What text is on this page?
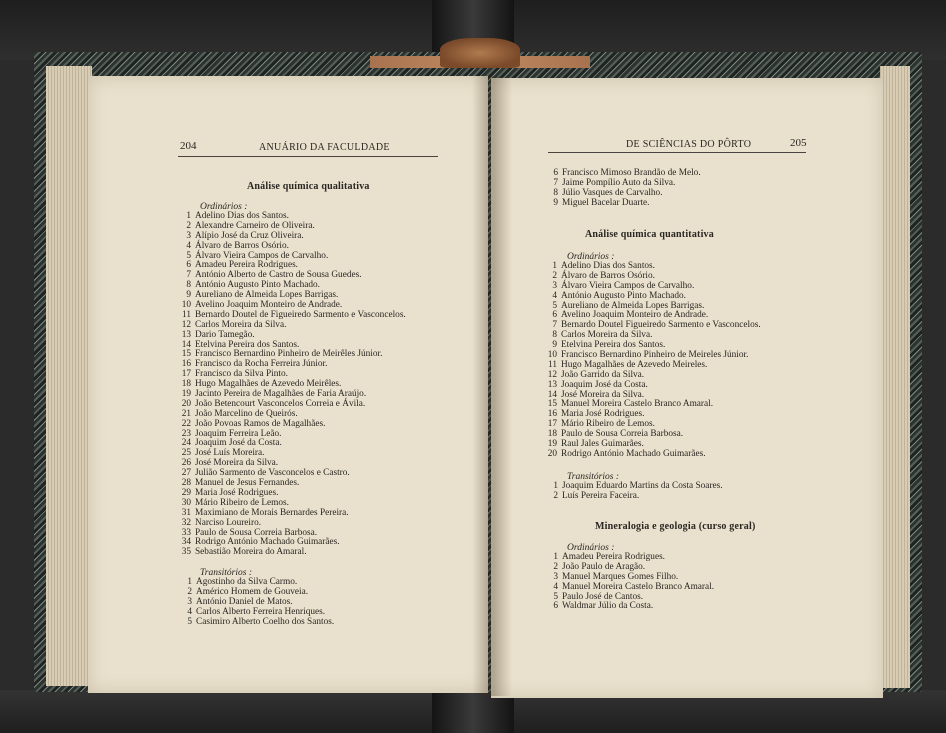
204	ANUÁRIO DA FACULDADE
Análise química qualitativa
Ordinários :
1 Adelino Dias dos Santos.
2 Alexandre Carneiro de Oliveira.
3 Alípio José da Cruz Oliveira.
4 Álvaro de Barros Osório.
5 Álvaro Vieira Campos de Carvalho.
6 Amadeu Pereira Rodrigues.
7 António Alberto de Castro de Sousa Guedes.
8 António Augusto Pinto Machado.
9 Aureliano de Almeida Lopes Barrigas.
10 Avelino Joaquim Monteiro de Andrade.
11 Bernardo Doutel de Figueiredo Sarmento e Vasconcelos.
12 Carlos Moreira da Silva.
13 Dario Tamegão.
14 Etelvina Pereira dos Santos.
15 Francisco Bernardino Pinheiro de Meirêles Júnior.
16 Francisco da Rocha Ferreira Júnior.
17 Francisco da Silva Pinto.
18 Hugo Magalhães de Azevedo Meirêles.
19 Jacinto Pereira de Magalhães de Faria Araújo.
20 João Betencourt Vasconcelos Correia e Ávila.
21 João Marcelino de Queirós.
22 João Povoas Ramos de Magalhães.
23 Joaquim Ferreira Leão.
24 Joaquim José da Costa.
25 José Luís Moreira.
26 José Moreira da Silva.
27 Julião Sarmento de Vasconcelos e Castro.
28 Manuel de Jesus Fernandes.
29 Maria José Rodrigues.
30 Mário Ribeiro de Lemos.
31 Maximiano de Morais Bernardes Pereira.
32 Narciso Loureiro.
33 Paulo de Sousa Correia Barbosa.
34 Rodrigo António Machado Guimarães.
35 Sebastião Moreira do Amaral.
Transitórios :
1 Agostinho da Silva Carmo.
2 Américo Homem de Gouveia.
3 António Daniel de Matos.
4 Carlos Alberto Ferreira Henriques.
5 Casimiro Alberto Coelho dos Santos.
DE SCIÊNCIAS DO PÔRTO	205
6 Francisco Mimoso Brandão de Melo.
7 Jaime Pompílio Auto da Silva.
8 Júlio Vasques de Carvalho.
9 Miguel Bacelar Duarte.
Análise química quantitativa
Ordinários :
1 Adelino Dias dos Santos.
2 Álvaro de Barros Osório.
3 Álvaro Vieira Campos de Carvalho.
4 António Augusto Pinto Machado.
5 Aureliano de Almeida Lopes Barrigas.
6 Avelino Joaquim Monteiro de Andrade.
7 Bernardo Doutel Figueiredo Sarmento e Vasconcelos.
8 Carlos Moreira da Silva.
9 Etelvina Pereira dos Santos.
10 Francisco Bernardino Pinheiro de Meireles Júnior.
11 Hugo Magalhães de Azevedo Meireles.
12 João Garrido da Silva.
13 Joaquim José da Costa.
14 José Moreira da Silva.
15 Manuel Moreira Castelo Branco Amaral.
16 Maria José Rodrigues.
17 Mário Ribeiro de Lemos.
18 Paulo de Sousa Correia Barbosa.
19 Raul Jales Guimarães.
20 Rodrigo António Machado Guimarães.
Transitórios :
1 Joaquim Eduardo Martins da Costa Soares.
2 Luís Pereira Faceira.
Mineralogia e geologia (curso geral)
Ordinários :
1 Amadeu Pereira Rodrigues.
2 João Paulo de Aragão.
3 Manuel Marques Gomes Filho.
4 Manuel Moreira Castelo Branco Amaral.
5 Paulo José de Cantos.
6 Waldmar Júlio da Costa.
